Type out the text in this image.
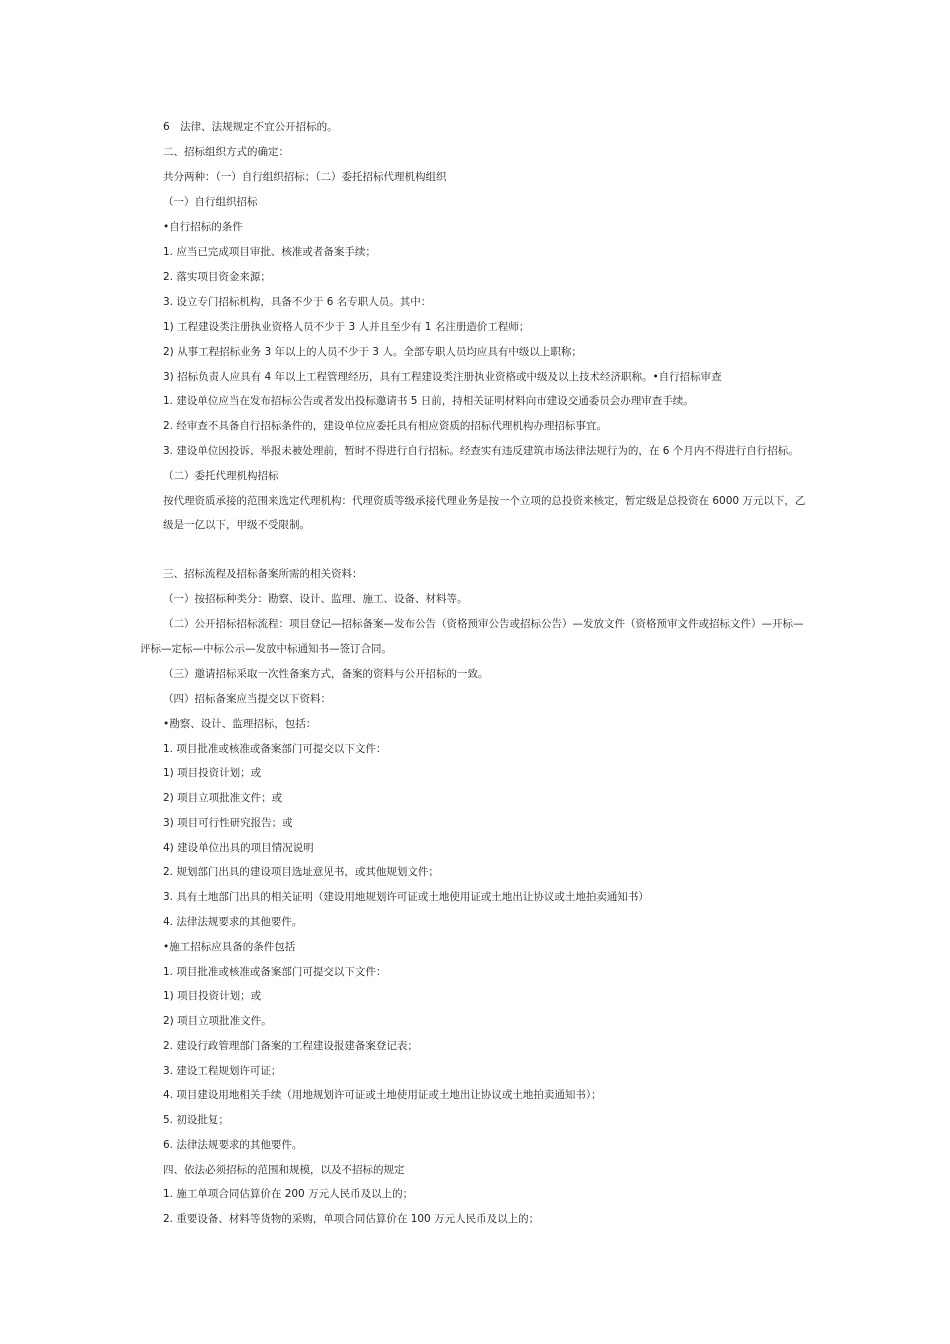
6　法律、法规规定不宜公开招标的。
二、招标组织方式的确定：
共分两种：（一）自行组织招标；（二）委托招标代理机构组织
（一）自行组织招标
•自行招标的条件
1. 应当已完成项目审批、核准或者备案手续；
2. 落实项目资金来源；
3. 设立专门招标机构，具备不少于 6 名专职人员。其中：
1) 工程建设类注册执业资格人员不少于 3 人并且至少有 1 名注册造价工程师；
2) 从事工程招标业务 3 年以上的人员不少于 3 人。全部专职人员均应具有中级以上职称；
3) 招标负责人应具有 4 年以上工程管理经历，具有工程建设类注册执业资格或中级及以上技术经济职称。•自行招标审查
1. 建设单位应当在发布招标公告或者发出投标邀请书 5 日前，持相关证明材料向市建设交通委员会办理审查手续。
2. 经审查不具备自行招标条件的，建设单位应委托具有相应资质的招标代理机构办理招标事宜。
3. 建设单位因投诉、举报未被处理前，暂时不得进行自行招标。经查实有违反建筑市场法律法规行为的，在 6 个月内不得进行自行招标。
（二）委托代理机构招标
按代理资质承接的范围来选定代理机构：代理资质等级承接代理业务是按一个立项的总投资来核定，暂定级是总投资在 6000 万元以下，乙
级是一亿以下，甲级不受限制。
三、招标流程及招标备案所需的相关资料：
（一）按招标种类分：勘察、设计、监理、施工、设备、材料等。
（二）公开招标招标流程：项目登记—招标备案—发布公告（资格预审公告或招标公告）—发放文件（资格预审文件或招标文件）—开标—
评标—定标—中标公示—发放中标通知书—签订合同。
（三）邀请招标采取一次性备案方式，备案的资料与公开招标的一致。
（四）招标备案应当提交以下资料：
•勘察、设计、监理招标，包括：
1. 项目批准或核准或备案部门可提交以下文件：
1) 项目投资计划；或
2) 项目立项批准文件；或
3) 项目可行性研究报告；或
4) 建设单位出具的项目情况说明
2. 规划部门出具的建设项目选址意见书，或其他规划文件；
3. 具有土地部门出具的相关证明（建设用地规划许可证或土地使用证或土地出让协议或土地拍卖通知书）
4. 法律法规要求的其他要件。
•施工招标应具备的条件包括
1. 项目批准或核准或备案部门可提交以下文件：
1) 项目投资计划；或
2) 项目立项批准文件。
2. 建设行政管理部门备案的工程建设报建备案登记表；
3. 建设工程规划许可证；
4. 项目建设用地相关手续（用地规划许可证或土地使用证或土地出让协议或土地拍卖通知书）；
5. 初设批复；
6. 法律法规要求的其他要件。
四、依法必须招标的范围和规模，以及不招标的规定
1. 施工单项合同估算价在 200 万元人民币及以上的；
2. 重要设备、材料等货物的采购，单项合同估算价在 100 万元人民币及以上的；
